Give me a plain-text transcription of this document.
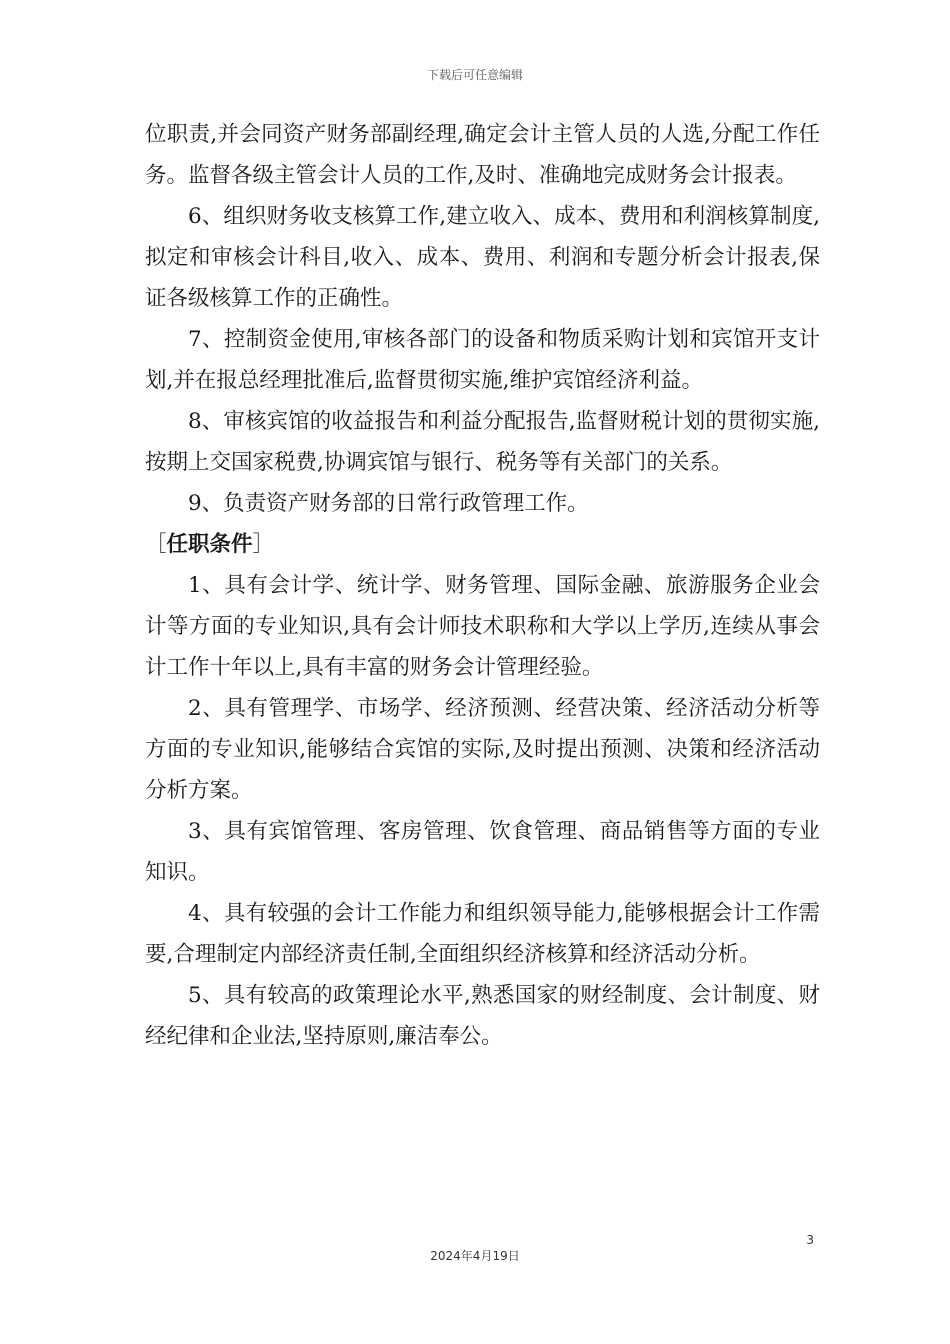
下载后可任意编辑

位职责,并会同资产财务部副经理,确定会计主管人员的人选,分配工作任务。监督各级主管会计人员的工作,及时、准确地完成财务会计报表。

6、组织财务收支核算工作,建立收入、成本、费用和利润核算制度,拟定和审核会计科目,收入、成本、费用、利润和专题分析会计报表,保证各级核算工作的正确性。

7、控制资金使用,审核各部门的设备和物质采购计划和宾馆开支计划,并在报总经理批准后,监督贯彻实施,维护宾馆经济利益。

8、审核宾馆的收益报告和利益分配报告,监督财税计划的贯彻实施,按期上交国家税费,协调宾馆与银行、税务等有关部门的关系。

9、负责资产财务部的日常行政管理工作。

［任职条件］

1、具有会计学、统计学、财务管理、国际金融、旅游服务企业会计等方面的专业知识,具有会计师技术职称和大学以上学历,连续从事会计工作十年以上,具有丰富的财务会计管理经验。

2、具有管理学、市场学、经济预测、经营决策、经济活动分析等方面的专业知识,能够结合宾馆的实际,及时提出预测、决策和经济活动分析方案。

3、具有宾馆管理、客房管理、饮食管理、商品销售等方面的专业知识。

4、具有较强的会计工作能力和组织领导能力,能够根据会计工作需要,合理制定内部经济责任制,全面组织经济核算和经济活动分析。

5、具有较高的政策理论水平,熟悉国家的财经制度、会计制度、财经纪律和企业法,坚持原则,廉洁奉公。

3
2024年4月19日
